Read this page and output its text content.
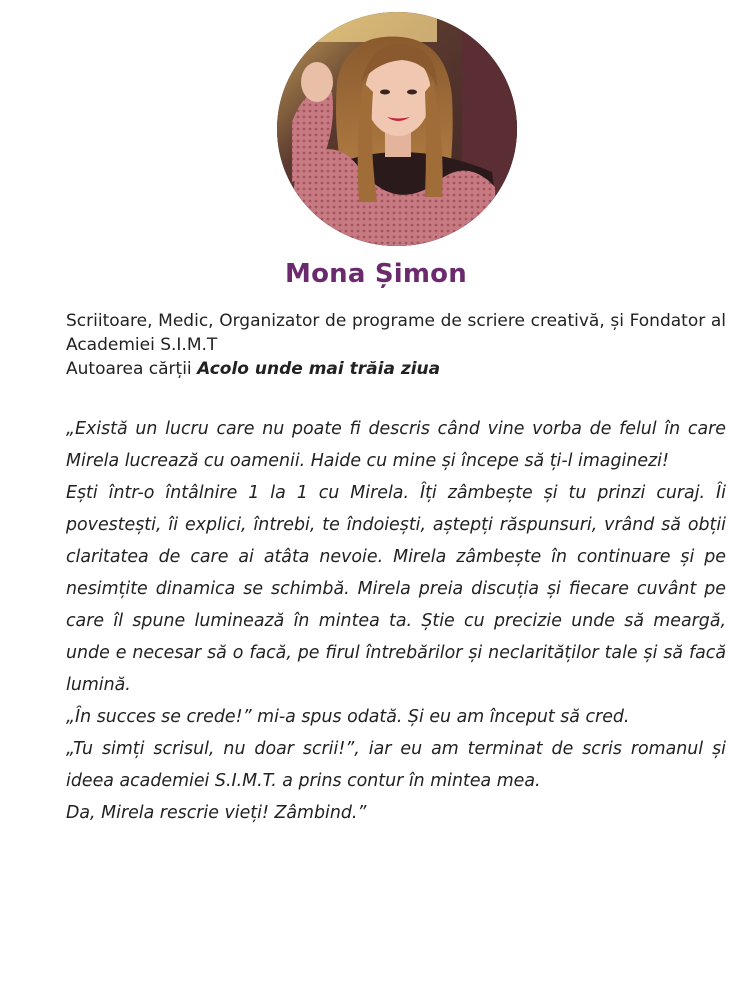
Mona Șimon

Scriitoare, Medic, Organizator de programe de scriere creativă, și Fondator al Academiei S.I.M.T

Autoarea cărții Acolo unde mai trăia ziua

„Există un lucru care nu poate fi descris când vine vorba de felul în care Mirela lucrează cu oamenii. Haide cu mine și începe să ți-l imaginezi!

Ești într-o întâlnire 1 la 1 cu Mirela. Îți zâmbește și tu prinzi curaj. Îi povestești, îi explici, întrebi, te îndoiești, aștepți răspunsuri, vrând să obții claritatea de care ai atâta nevoie. Mirela zâmbește în continuare și pe nesimțite dinamica se schimbă. Mirela preia discuția și fiecare cuvânt pe care îl spune luminează în mintea ta. Știe cu precizie unde să meargă, unde e necesar să o facă, pe firul întrebărilor și neclarităților tale și să facă lumină.

„În succes se crede!” mi-a spus odată. Și eu am început să cred.

„Tu simți scrisul, nu doar scrii!”, iar eu am terminat de scris romanul și ideea academiei S.I.M.T. a prins contur în mintea mea.

Da, Mirela rescrie vieți! Zâmbind.”
